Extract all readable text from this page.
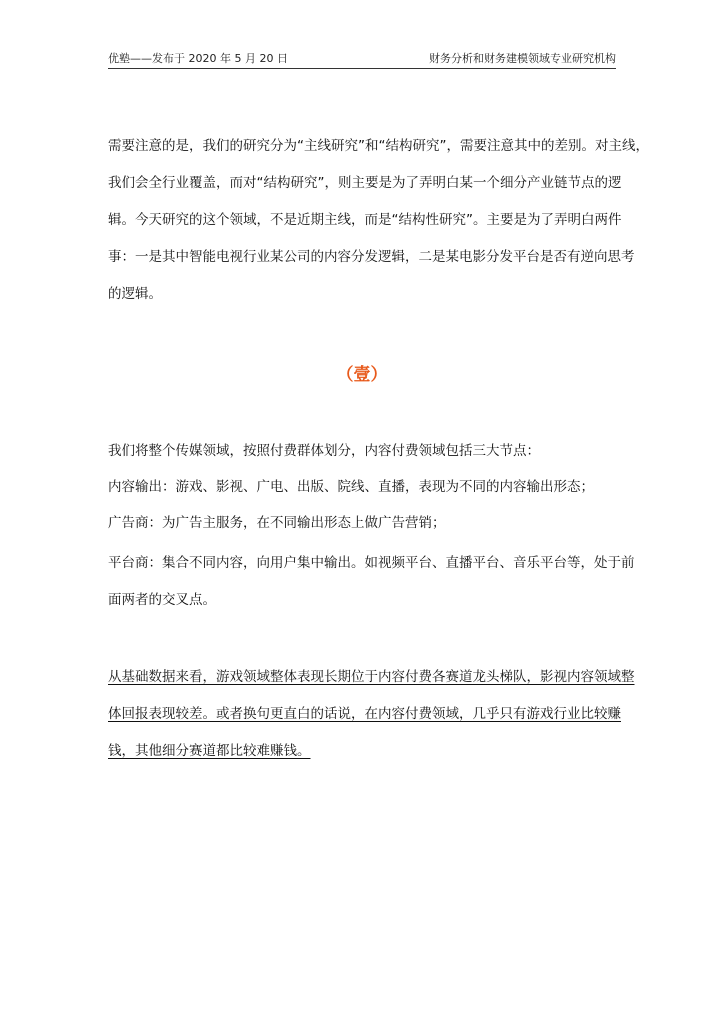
优塾——发布于 2020 年 5 月 20 日	财务分析和财务建模领域专业研究机构
需要注意的是，我们的研究分为“主线研究”和“结构研究”，需要注意其中的差别。对主线，
我们会全行业覆盖，而对“结构研究”，则主要是为了弄明白某一个细分产业链节点的逻
辑。今天研究的这个领域，不是近期主线，而是“结构性研究”。主要是为了弄明白两件
事：一是其中智能电视行业某公司的内容分发逻辑，二是某电影分发平台是否有逆向思考
的逻辑。
（壹）
我们将整个传媒领域，按照付费群体划分，内容付费领域包括三大节点：
内容输出：游戏、影视、广电、出版、院线、直播，表现为不同的内容输出形态；
广告商：为广告主服务，在不同输出形态上做广告营销；
平台商：集合不同内容，向用户集中输出。如视频平台、直播平台、音乐平台等，处于前
面两者的交叉点。
从基础数据来看，游戏领域整体表现长期位于内容付费各赛道龙头梯队，影视内容领域整
体回报表现较差。或者换句更直白的话说，在内容付费领域，几乎只有游戏行业比较赚
钱，其他细分赛道都比较难赚钱。
